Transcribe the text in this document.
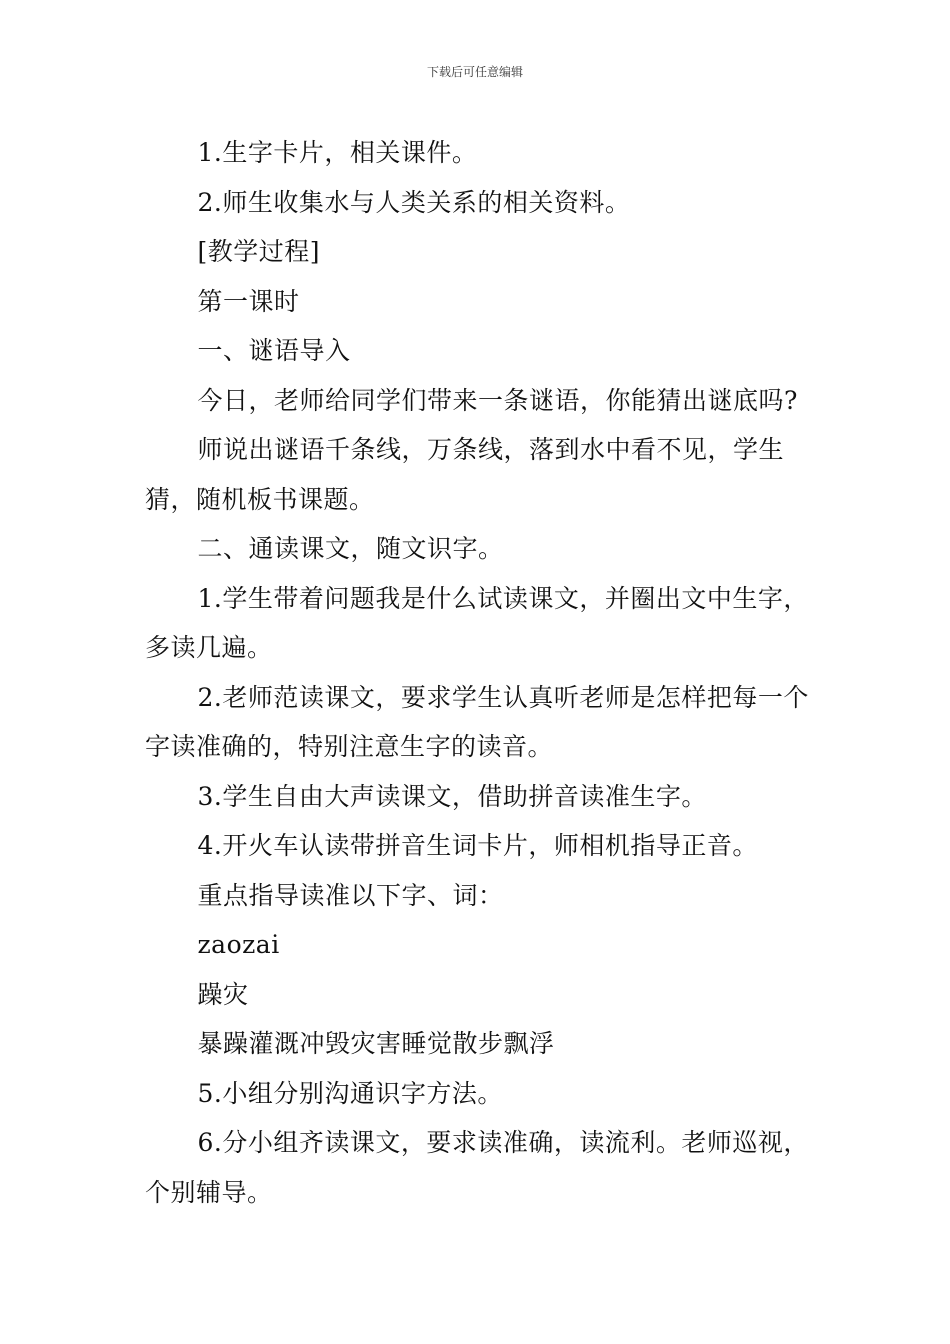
下载后可任意编辑

1.生字卡片，相关课件。

2.师生收集水与人类关系的相关资料。

[教学过程]

第一课时

一、谜语导入

今日，老师给同学们带来一条谜语，你能猜出谜底吗?

师说出谜语千条线，万条线，落到水中看不见，学生猜，随机板书课题。

二、通读课文，随文识字。

1.学生带着问题我是什么试读课文，并圈出文中生字，多读几遍。

2.老师范读课文，要求学生认真听老师是怎样把每一个字读准确的，特别注意生字的读音。

3.学生自由大声读课文，借助拼音读准生字。

4.开火车认读带拼音生词卡片，师相机指导正音。

重点指导读准以下字、词：

zaozai

躁灾

暴躁灌溉冲毁灾害睡觉散步飘浮

5.小组分别沟通识字方法。

6.分小组齐读课文，要求读准确，读流利。老师巡视，个别辅导。
